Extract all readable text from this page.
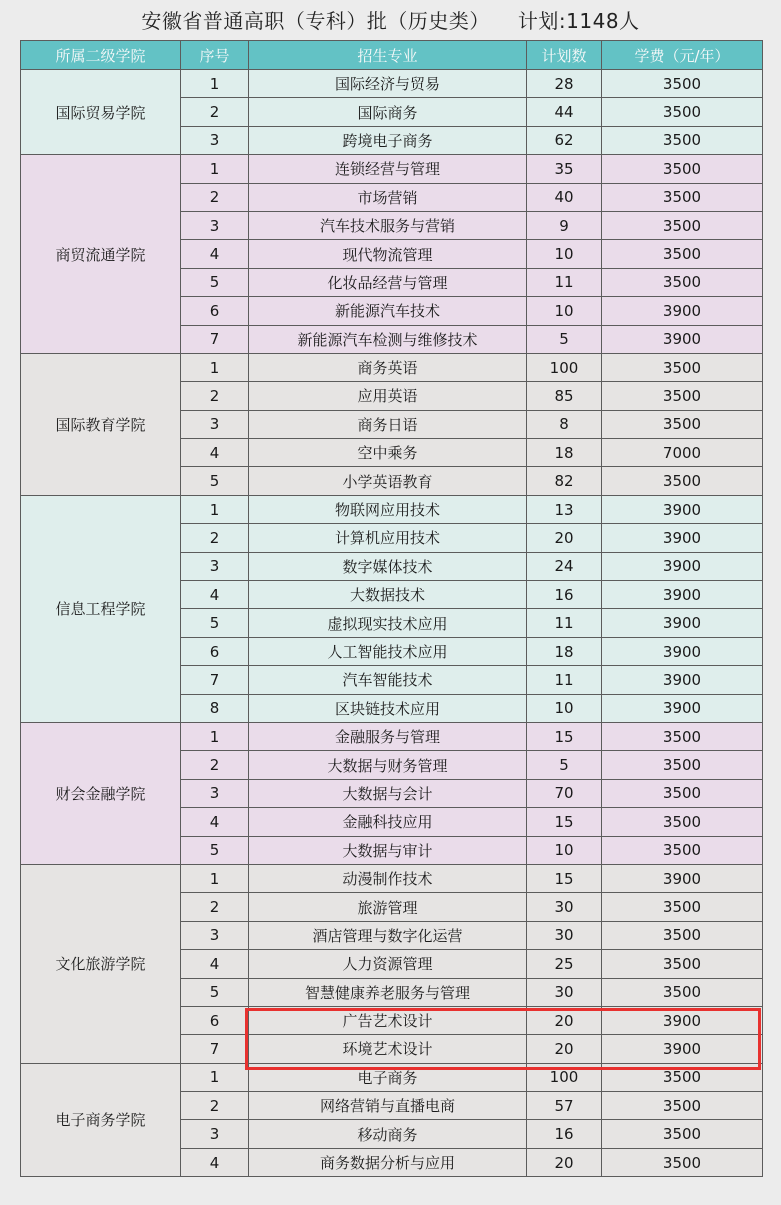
安徽省普通高职（专科）批（历史类） 计划:1148人
所属二级学院	序号	招生专业	计划数	学费（元/年）
国际贸易学院	1	国际经济与贸易	28	3500
	2	国际商务	44	3500
	3	跨境电子商务	62	3500
商贸流通学院	1	连锁经营与管理	35	3500
	2	市场营销	40	3500
	3	汽车技术服务与营销	9	3500
	4	现代物流管理	10	3500
	5	化妆品经营与管理	11	3500
	6	新能源汽车技术	10	3900
	7	新能源汽车检测与维修技术	5	3900
国际教育学院	1	商务英语	100	3500
	2	应用英语	85	3500
	3	商务日语	8	3500
	4	空中乘务	18	7000
	5	小学英语教育	82	3500
信息工程学院	1	物联网应用技术	13	3900
	2	计算机应用技术	20	3900
	3	数字媒体技术	24	3900
	4	大数据技术	16	3900
	5	虚拟现实技术应用	11	3900
	6	人工智能技术应用	18	3900
	7	汽车智能技术	11	3900
	8	区块链技术应用	10	3900
财会金融学院	1	金融服务与管理	15	3500
	2	大数据与财务管理	5	3500
	3	大数据与会计	70	3500
	4	金融科技应用	15	3500
	5	大数据与审计	10	3500
文化旅游学院	1	动漫制作技术	15	3900
	2	旅游管理	30	3500
	3	酒店管理与数字化运营	30	3500
	4	人力资源管理	25	3500
	5	智慧健康养老服务与管理	30	3500
	6	广告艺术设计	20	3900
	7	环境艺术设计	20	3900
电子商务学院	1	电子商务	100	3500
	2	网络营销与直播电商	57	3500
	3	移动商务	16	3500
	4	商务数据分析与应用	20	3500
